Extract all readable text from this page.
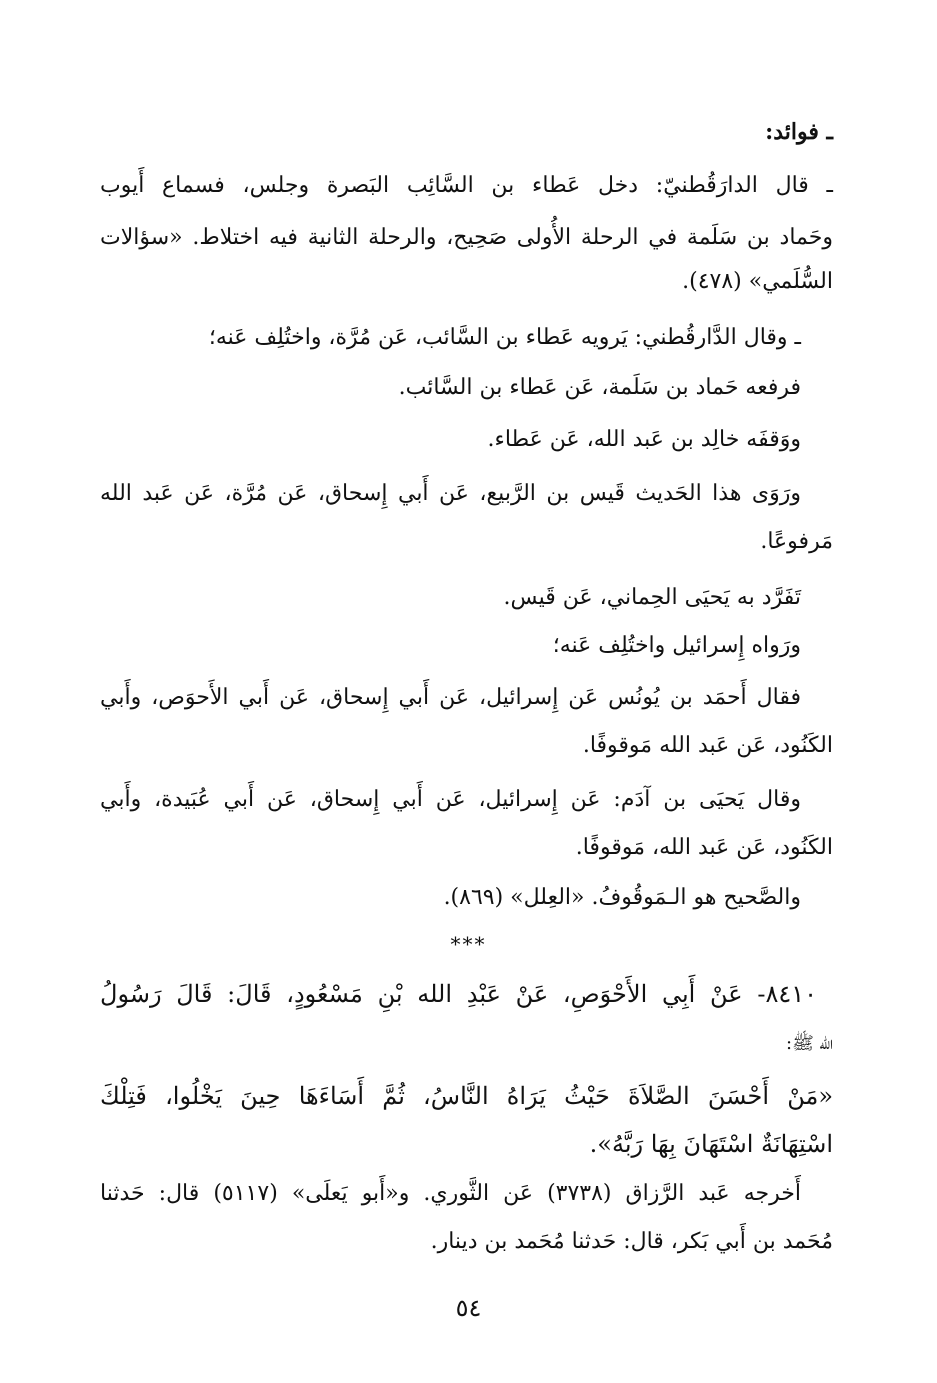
ـ فوائد:
ـ قال الدارَقُطنيّ: دخل عَطاء بن السَّائِب البَصرة وجلس، فسماع أَيوب
وحَماد بن سَلَمة في الرحلة الأُولى صَحِيح، والرحلة الثانية فيه اختلاط. «سؤالات
السُّلَمي» (٤٧٨).
ـ وقال الدَّارقُطني: يَرويه عَطاء بن السَّائب، عَن مُرَّة، واختُلِف عَنه؛
فرفعه حَماد بن سَلَمة، عَن عَطاء بن السَّائب.
ووَقفَه خالِد بن عَبد الله، عَن عَطاء.
ورَوَى هذا الحَديث قَيس بن الرَّبيع، عَن أَبي إِسحاق، عَن مُرَّة، عَن عَبد الله
مَرفوعًا.
تَفَرَّد به يَحيَى الحِماني، عَن قَيس.
ورَواه إِسرائيل واختُلِف عَنه؛
فقال أَحمَد بن يُونُس عَن إِسرائيل، عَن أَبي إِسحاق، عَن أَبي الأَحوَص، وأَبي
الكَنُود، عَن عَبد الله مَوقوفًا.
وقال يَحيَى بن آدَم: عَن إِسرائيل، عَن أَبي إِسحاق، عَن أَبي عُبَيدة، وأَبي
الكَنُود، عَن عَبد الله، مَوقوفًا.
والصَّحيح هو الـمَوقُوفُ. «العِلل» (٨٦٩).
***
٨٤١٠- عَنْ أَبِي الأَحْوَصِ، عَنْ عَبْدِ الله بْنِ مَسْعُودٍ، قَالَ: قَالَ رَسُولُ
الله ﷺ:
«مَنْ أَحْسَنَ الصَّلاَةَ حَيْثُ يَرَاهُ النَّاسُ، ثُمَّ أَسَاءَهَا حِينَ يَخْلُوا، فَتِلْكَ
اسْتِهَانَةٌ اسْتَهَانَ بِهَا رَبَّهُ».
أَخرجه عَبد الرَّزاق (٣٧٣٨) عَن الثَّوري. و«أَبو يَعلَى» (٥١١٧) قال: حَدثنا
مُحَمد بن أَبي بَكر، قال: حَدثنا مُحَمد بن دينار.
٥٤
